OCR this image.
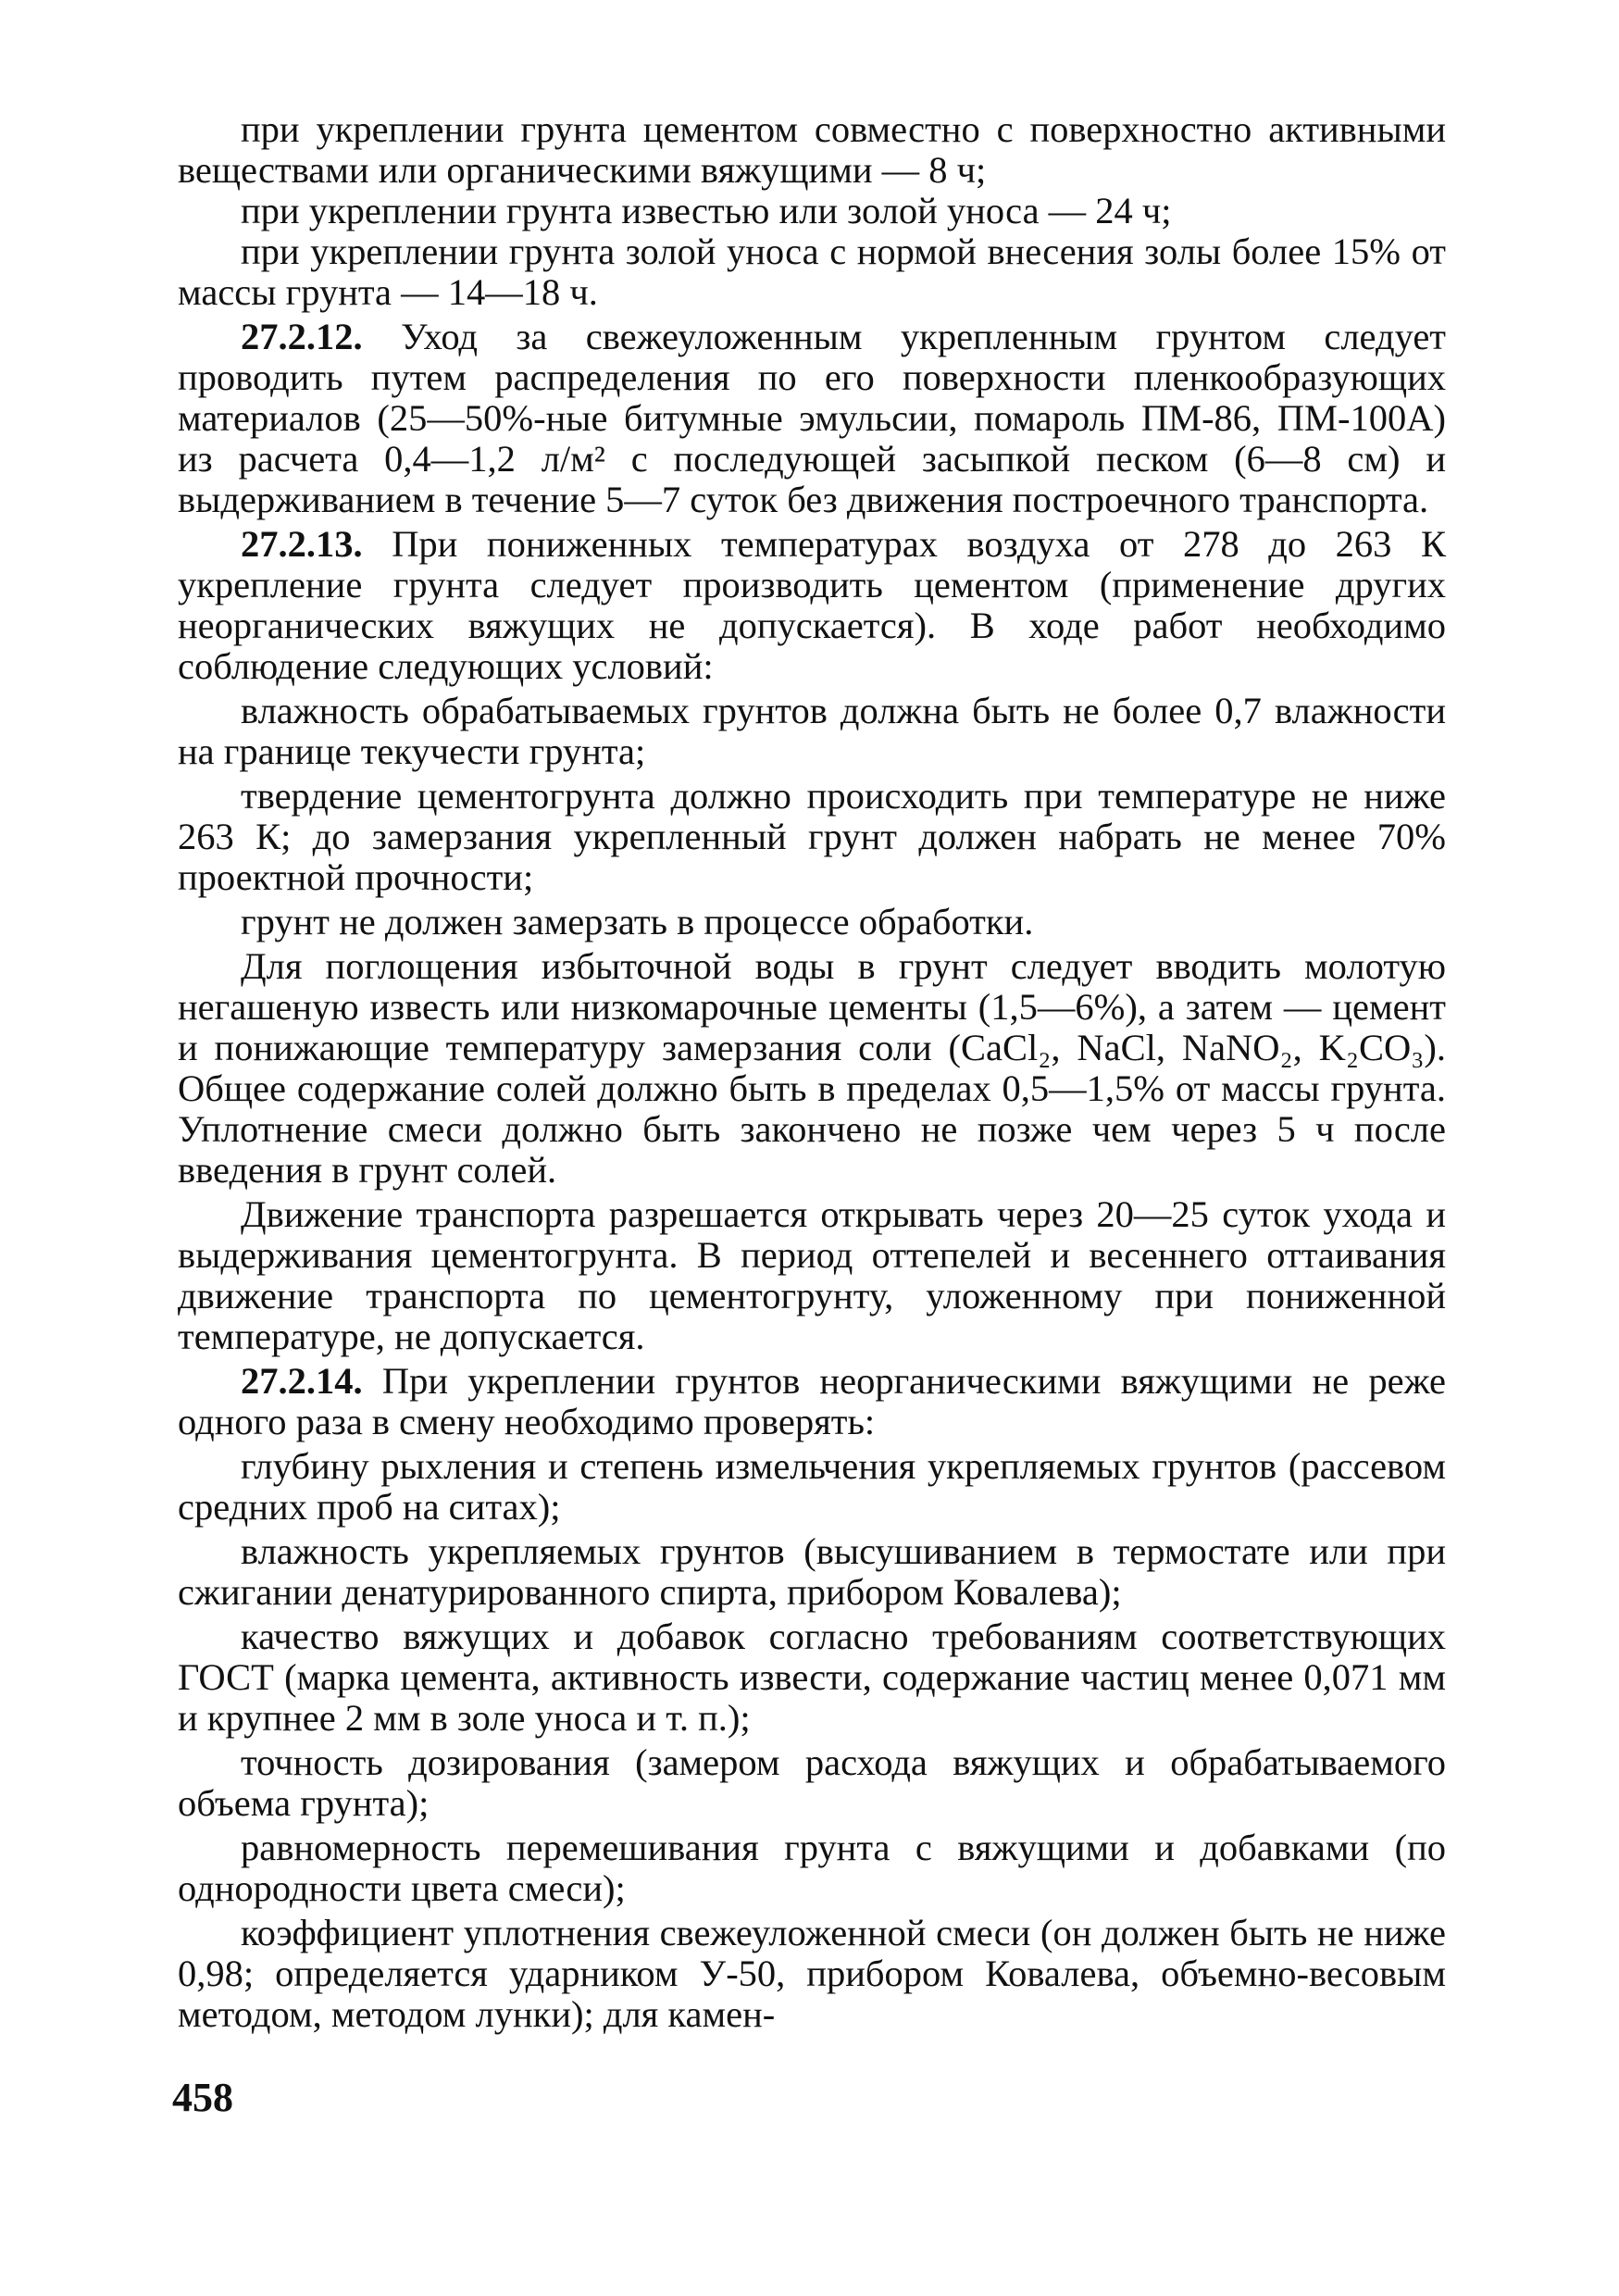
при укреплении грунта цементом совместно с поверхностно активными веществами или органическими вяжущими — 8 ч;

при укреплении грунта известью или золой уноса — 24 ч;

при укреплении грунта золой уноса с нормой внесения золы более 15% от массы грунта — 14—18 ч.

27.2.12. Уход за свежеуложенным укрепленным грунтом следует проводить путем распределения по его поверхности пленкообразующих материалов (25—50%-ные битумные эмульсии, помароль ПМ-86, ПМ-100А) из расчета 0,4—1,2 л/м² с последующей засыпкой песком (6—8 см) и выдерживанием в течение 5—7 суток без движения построечного транспорта.

27.2.13. При пониженных температурах воздуха от 278 до 263 К укрепление грунта следует производить цементом (применение других неорганических вяжущих не допускается). В ходе работ необходимо соблюдение следующих условий:

влажность обрабатываемых грунтов должна быть не более 0,7 влажности на границе текучести грунта;

твердение цементогрунта должно происходить при температуре не ниже 263 К; до замерзания укрепленный грунт должен набрать не менее 70% проектной прочности;

грунт не должен замерзать в процессе обработки.

Для поглощения избыточной воды в грунт следует вводить молотую негашеную известь или низкомарочные цементы (1,5—6%), а затем — цемент и понижающие температуру замерзания соли (CaCl₂, NaCl, NaNO₂, K₂CO₃). Общее содержание солей должно быть в пределах 0,5—1,5% от массы грунта. Уплотнение смеси должно быть закончено не позже чем через 5 ч после введения в грунт солей.

Движение транспорта разрешается открывать через 20—25 суток ухода и выдерживания цементогрунта. В период оттепелей и весеннего оттаивания движение транспорта по цементогрунту, уложенному при пониженной температуре, не допускается.

27.2.14. При укреплении грунтов неорганическими вяжущими не реже одного раза в смену необходимо проверять:

глубину рыхления и степень измельчения укрепляемых грунтов (рассевом средних проб на ситах);

влажность укрепляемых грунтов (высушиванием в термостате или при сжигании денатурированного спирта, прибором Ковалева);

качество вяжущих и добавок согласно требованиям соответствующих ГОСТ (марка цемента, активность извести, содержание частиц менее 0,071 мм и крупнее 2 мм в золе уноса и т. п.);

точность дозирования (замером расхода вяжущих и обрабатываемого объема грунта);

равномерность перемешивания грунта с вяжущими и добавками (по однородности цвета смеси);

коэффициент уплотнения свежеуложенной смеси (он должен быть не ниже 0,98; определяется ударником У-50, прибором Ковалева, объемно-весовым методом, методом лунки); для камен-

458
